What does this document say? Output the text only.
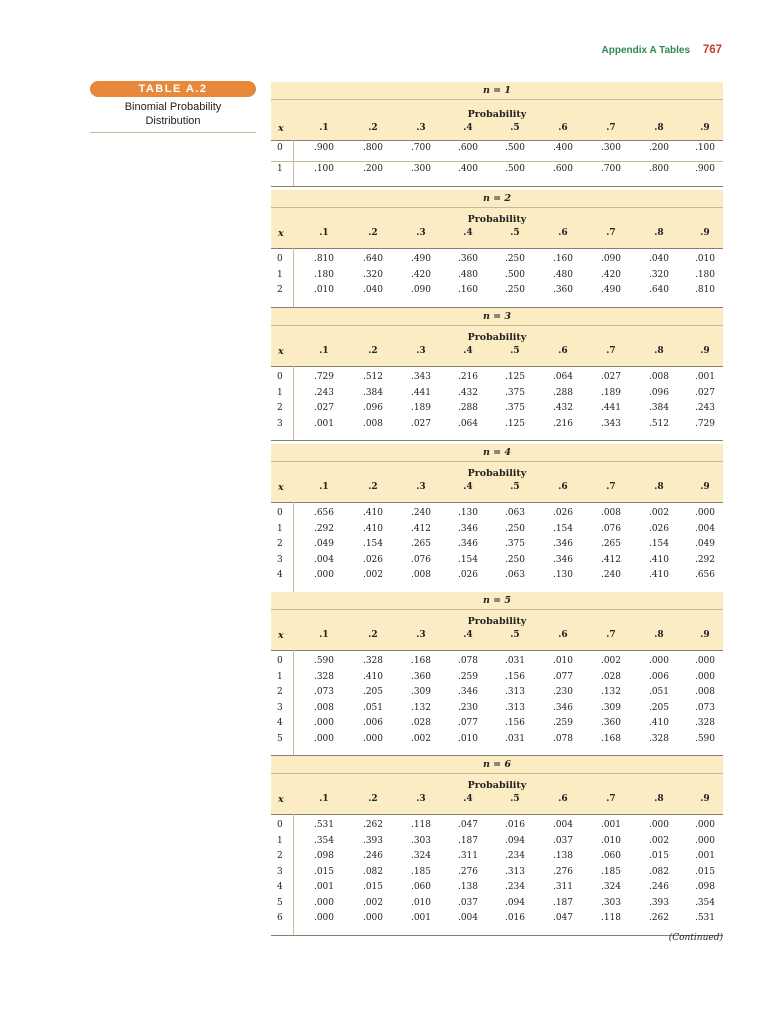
Appendix A Tables 767
TABLE A.2
Binomial Probability
Distribution
n = 1
Probability
x	.1	.2	.3	.4	.5	.6	.7	.8	.9
0	.900	.800	.700	.600	.500	.400	.300	.200	.100
1	.100	.200	.300	.400	.500	.600	.700	.800	.900
n = 2
Probability
x	.1	.2	.3	.4	.5	.6	.7	.8	.9
0	.810	.640	.490	.360	.250	.160	.090	.040	.010
1	.180	.320	.420	.480	.500	.480	.420	.320	.180
2	.010	.040	.090	.160	.250	.360	.490	.640	.810
n = 3
Probability
x	.1	.2	.3	.4	.5	.6	.7	.8	.9
0	.729	.512	.343	.216	.125	.064	.027	.008	.001
1	.243	.384	.441	.432	.375	.288	.189	.096	.027
2	.027	.096	.189	.288	.375	.432	.441	.384	.243
3	.001	.008	.027	.064	.125	.216	.343	.512	.729
n = 4
Probability
x	.1	.2	.3	.4	.5	.6	.7	.8	.9
0	.656	.410	.240	.130	.063	.026	.008	.002	.000
1	.292	.410	.412	.346	.250	.154	.076	.026	.004
2	.049	.154	.265	.346	.375	.346	.265	.154	.049
3	.004	.026	.076	.154	.250	.346	.412	.410	.292
4	.000	.002	.008	.026	.063	.130	.240	.410	.656
n = 5
Probability
x	.1	.2	.3	.4	.5	.6	.7	.8	.9
0	.590	.328	.168	.078	.031	.010	.002	.000	.000
1	.328	.410	.360	.259	.156	.077	.028	.006	.000
2	.073	.205	.309	.346	.313	.230	.132	.051	.008
3	.008	.051	.132	.230	.313	.346	.309	.205	.073
4	.000	.006	.028	.077	.156	.259	.360	.410	.328
5	.000	.000	.002	.010	.031	.078	.168	.328	.590
n = 6
Probability
x	.1	.2	.3	.4	.5	.6	.7	.8	.9
0	.531	.262	.118	.047	.016	.004	.001	.000	.000
1	.354	.393	.303	.187	.094	.037	.010	.002	.000
2	.098	.246	.324	.311	.234	.138	.060	.015	.001
3	.015	.082	.185	.276	.313	.276	.185	.082	.015
4	.001	.015	.060	.138	.234	.311	.324	.246	.098
5	.000	.002	.010	.037	.094	.187	.303	.393	.354
6	.000	.000	.001	.004	.016	.047	.118	.262	.531
(Continued)
